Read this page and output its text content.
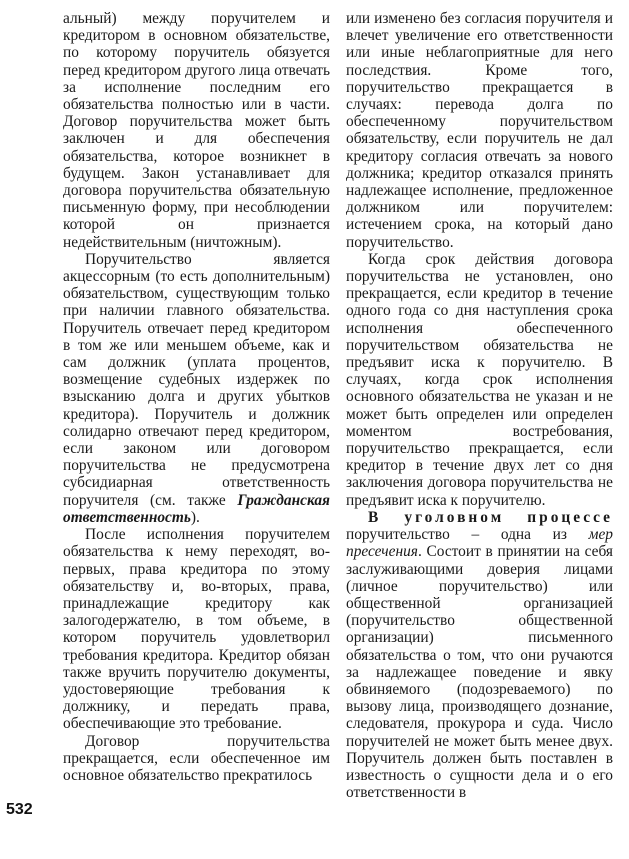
532

альный) между поручителем и кредитором в основном обязательстве, по которому поручитель обязуется перед кредитором другого лица отвечать за исполнение последним его обязательства полностью или в части. Договор поручительства может быть заключен и для обеспечения обязательства, которое возникнет в будущем. Закон устанавливает для договора поручительства обязательную письменную форму, при несоблюдении которой он признается недействительным (ничтожным).

Поручительство является акцессорным (то есть дополнительным) обязательством, существующим только при наличии главного обязательства. Поручитель отвечает перед кредитором в том же или меньшем объеме, как и сам должник (уплата процентов, возмещение судебных издержек по взысканию долга и других убытков кредитора). Поручитель и должник солидарно отвечают перед кредитором, если законом или договором поручительства не предусмотрена субсидиарная ответственность поручителя (см. также Гражданская ответственность).

После исполнения поручителем обязательства к нему переходят, во-первых, права кредитора по этому обязательству и, во-вторых, права, принадлежащие кредитору как залогодержателю, в том объеме, в котором поручитель удовлетворил требования кредитора. Кредитор обязан также вручить поручителю документы, удостоверяющие требования к должнику, и передать права, обеспечивающие это требование.

Договор поручительства прекращается, если обеспеченное им основное обязательство прекратилось

или изменено без согласия поручителя и влечет увеличение его ответственности или иные неблагоприятные для него последствия. Кроме того, поручительство прекращается в случаях: перевода долга по обеспеченному поручительством обязательству, если поручитель не дал кредитору согласия отвечать за нового должника; кредитор отказался принять надлежащее исполнение, предложенное должником или поручителем: истечением срока, на который дано поручительство.

Когда срок действия договора поручительства не установлен, оно прекращается, если кредитор в течение одного года со дня наступления срока исполнения обеспеченного поручительством обязательства не предъявит иска к поручителю. В случаях, когда срок исполнения основного обязательства не указан и не может быть определен или определен моментом востребования, поручительство прекращается, если кредитор в течение двух лет со дня заключения договора поручительства не предъявит иска к поручителю.

В уголовном процессе поручительство – одна из мер пресечения. Состоит в принятии на себя заслуживающими доверия лицами (личное поручительство) или общественной организацией (поручительство общественной организации) письменного обязательства о том, что они ручаются за надлежащее поведение и явку обвиняемого (подозреваемого) по вызову лица, производящего дознание, следователя, прокурора и суда. Число поручителей не может быть менее двух. Поручитель должен быть поставлен в известность о сущности дела и о его ответственности в
